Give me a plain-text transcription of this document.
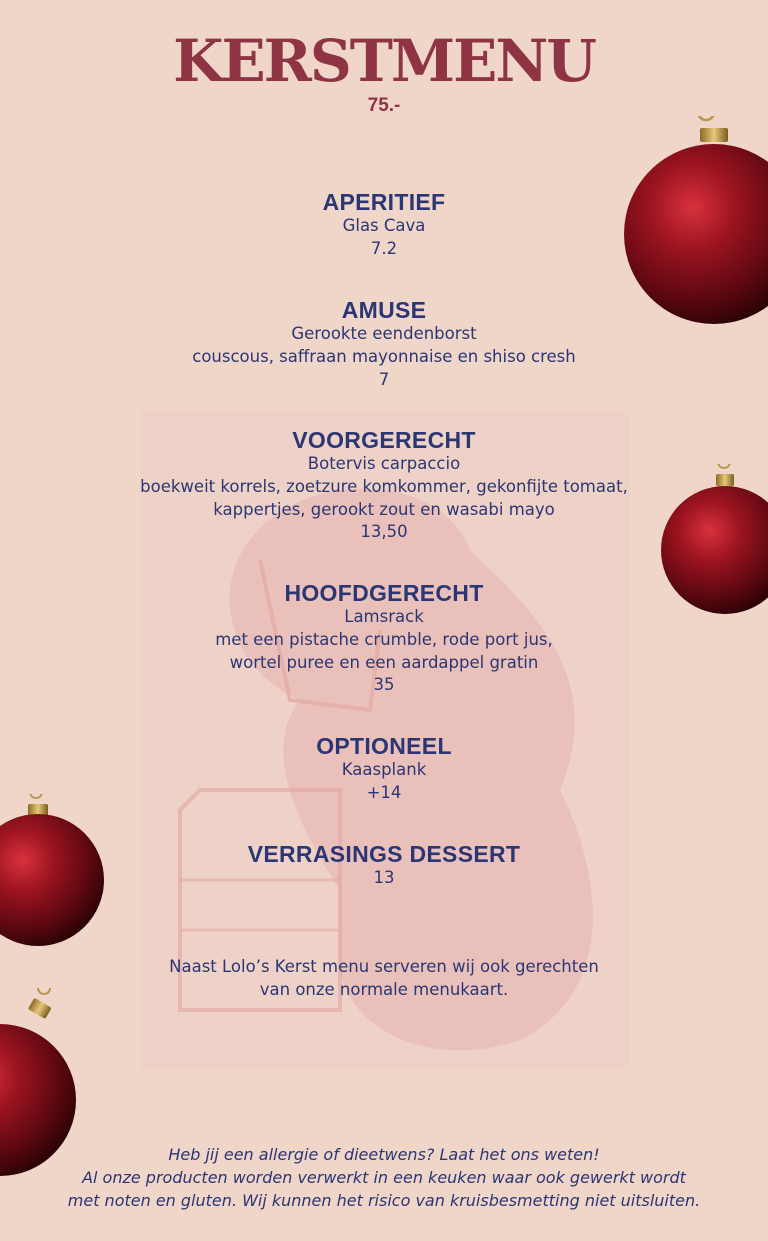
KERSTMENU
75.-
APERITIEF
Glas Cava
7.2
AMUSE
Gerookte eendenborst
couscous, saffraan mayonnaise en shiso cresh
7
VOORGERECHT
Botervis carpaccio
boekweit korrels, zoetzure komkommer, gekonfijte tomaat,
kappertjes, gerookt zout en wasabi mayo
13,50
HOOFDGERECHT
Lamsrack
met een pistache crumble, rode port jus,
wortel puree en een aardappel gratin
35
OPTIONEEL
Kaasplank
+14
VERRASINGS DESSERT
13
Naast Lolo’s Kerst menu serveren wij ook gerechten
van onze normale menukaart.
Heb jij een allergie of dieetwens? Laat het ons weten!
Al onze producten worden verwerkt in een keuken waar ook gewerkt wordt
met noten en gluten. Wij kunnen het risico van kruisbesmetting niet uitsluiten.
